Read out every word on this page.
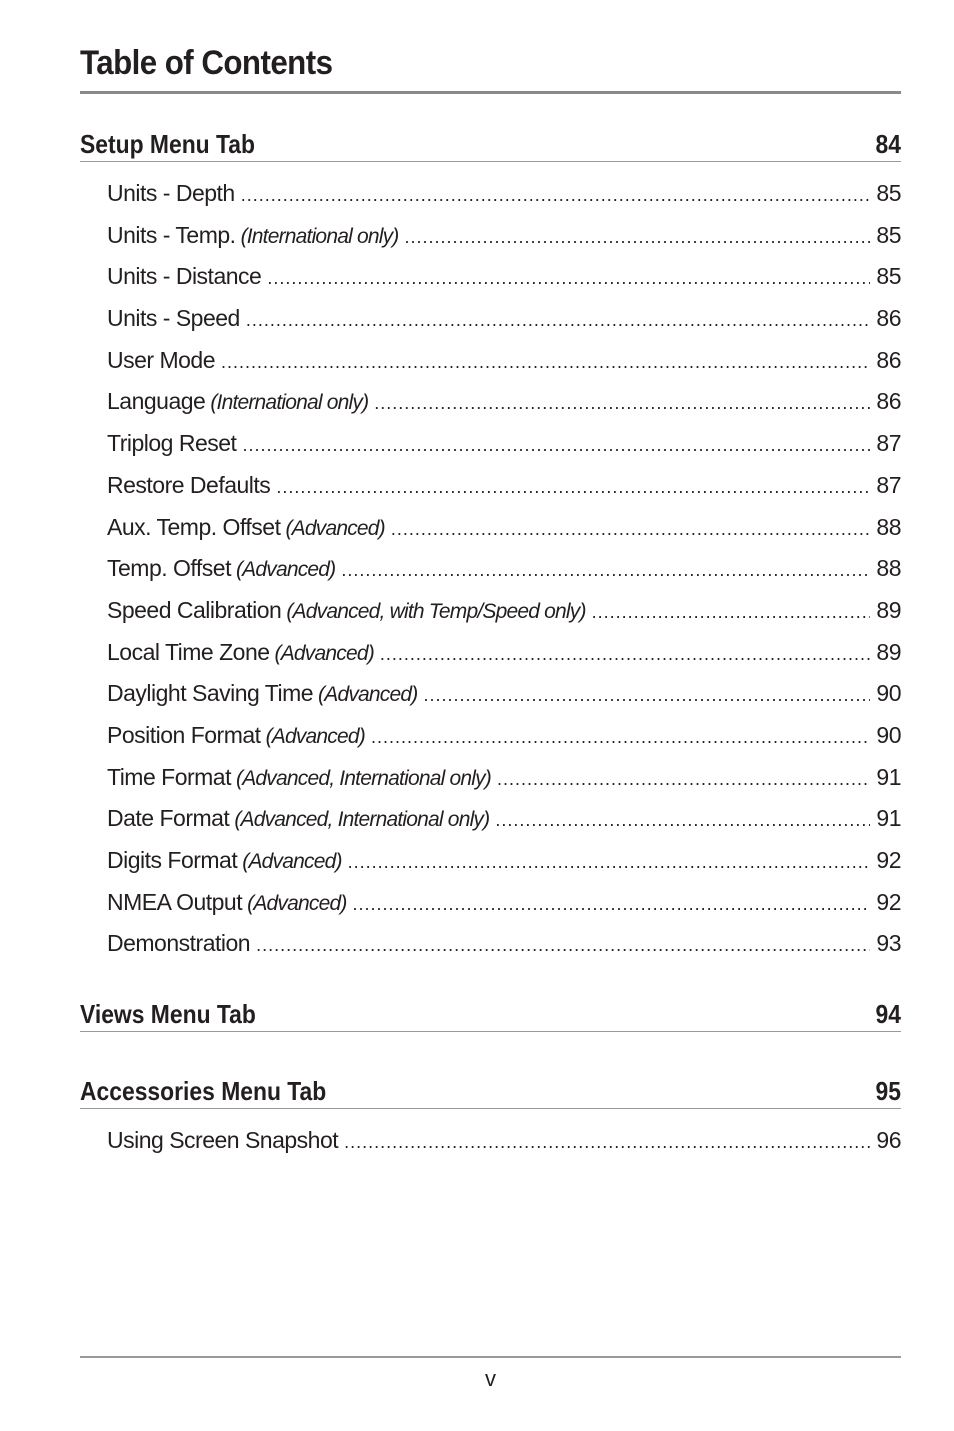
Table of Contents
Setup Menu Tab	84
Units - Depth .....	85
Units - Temp. (International only) .....	85
Units - Distance .....	85
Units - Speed .....	86
User Mode .....	86
Language (International only) .....	86
Triplog Reset .....	87
Restore Defaults .....	87
Aux. Temp. Offset (Advanced) .....	88
Temp. Offset (Advanced) .....	88
Speed Calibration (Advanced, with Temp/Speed only) .....	89
Local Time Zone (Advanced) .....	89
Daylight Saving Time (Advanced) .....	90
Position Format (Advanced) .....	90
Time Format (Advanced, International only) .....	91
Date Format (Advanced, International only) .....	91
Digits Format (Advanced) .....	92
NMEA Output (Advanced) .....	92
Demonstration .....	93
Views Menu Tab	94
Accessories Menu Tab	95
Using Screen Snapshot .....	96
v
